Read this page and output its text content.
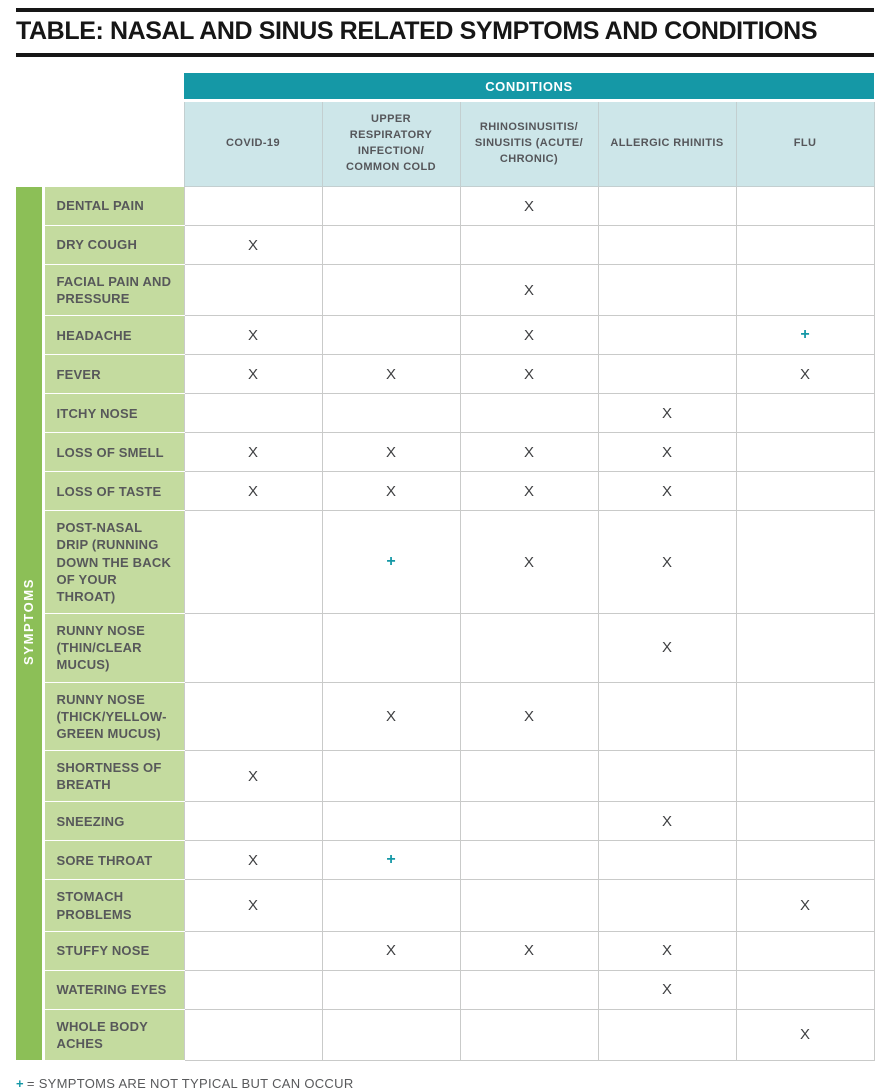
TABLE: NASAL AND SINUS RELATED SYMPTOMS AND CONDITIONS
		CONDITIONS				
		COVID-19	UPPER RESPIRATORY INFECTION/ COMMON COLD	RHINOSINUSITIS/ SINUSITIS (ACUTE/ CHRONIC)	ALLERGIC RHINITIS	FLU
SYMPTOMS	DENTAL PAIN			X		
	DRY COUGH	X				
	FACIAL PAIN AND PRESSURE			X		
	HEADACHE	X		X		+
	FEVER	X	X	X		X
	ITCHY NOSE				X	
	LOSS OF SMELL	X	X	X	X	
	LOSS OF TASTE	X	X	X	X	
	POST-NASAL DRIP (RUNNING DOWN THE BACK OF YOUR THROAT)		+	X	X	
	RUNNY NOSE (THIN/CLEAR MUCUS)				X	
	RUNNY NOSE (THICK/YELLOW- GREEN MUCUS)		X	X		
	SHORTNESS OF BREATH	X				
	SNEEZING				X	
	SORE THROAT	X	+			
	STOMACH PROBLEMS	X				X
	STUFFY NOSE		X	X	X	
	WATERING EYES				X	
	WHOLE BODY ACHES					X
+ = SYMPTOMS ARE NOT TYPICAL BUT CAN OCCUR
